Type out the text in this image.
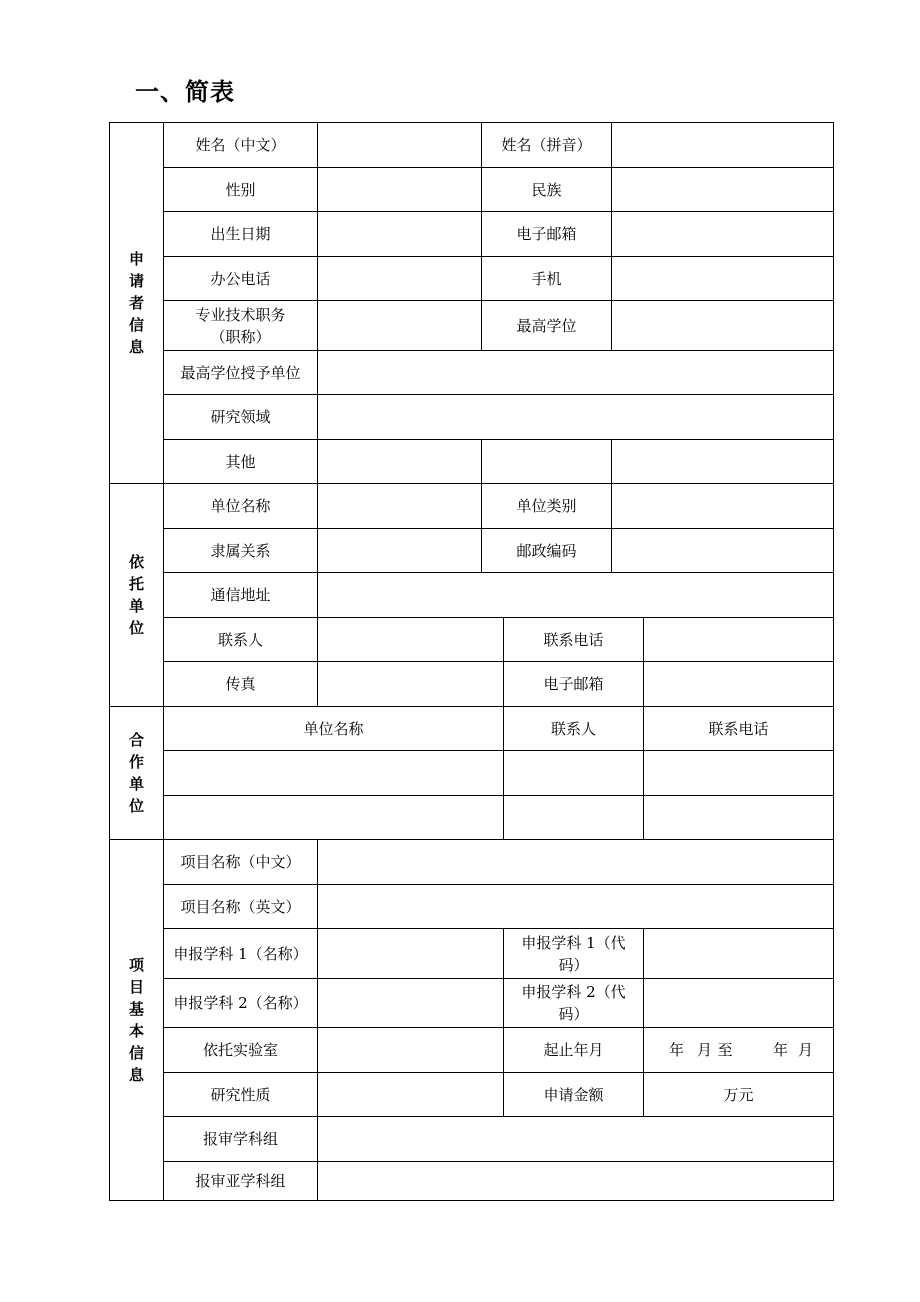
一、简表
申请者信息	姓名（中文）		姓名（拼音）			
	性别		民族			
	出生日期		电子邮箱			
	办公电话		手机			
	专业技术职务
（职称）		最高学位			
	最高学位授予单位					
	研究领域					
	其他					
依托单位	单位名称		单位类别			
	隶属关系		邮政编码			
	通信地址					
	联系人			联系电话		
	传真			电子邮箱		
合作单位	单位名称			联系人		联系电话

项目基本信息	项目名称（中文）					
	项目名称（英文）					
	申报学科 1（名称）			申报学科 1（代
码）		
	申报学科 2（名称）			申报学科 2（代
码）		
	依托实验室			起止年月		年 月 至 年 月
	研究性质			申请金额		万元
	报审学科组					
	报审亚学科组					
